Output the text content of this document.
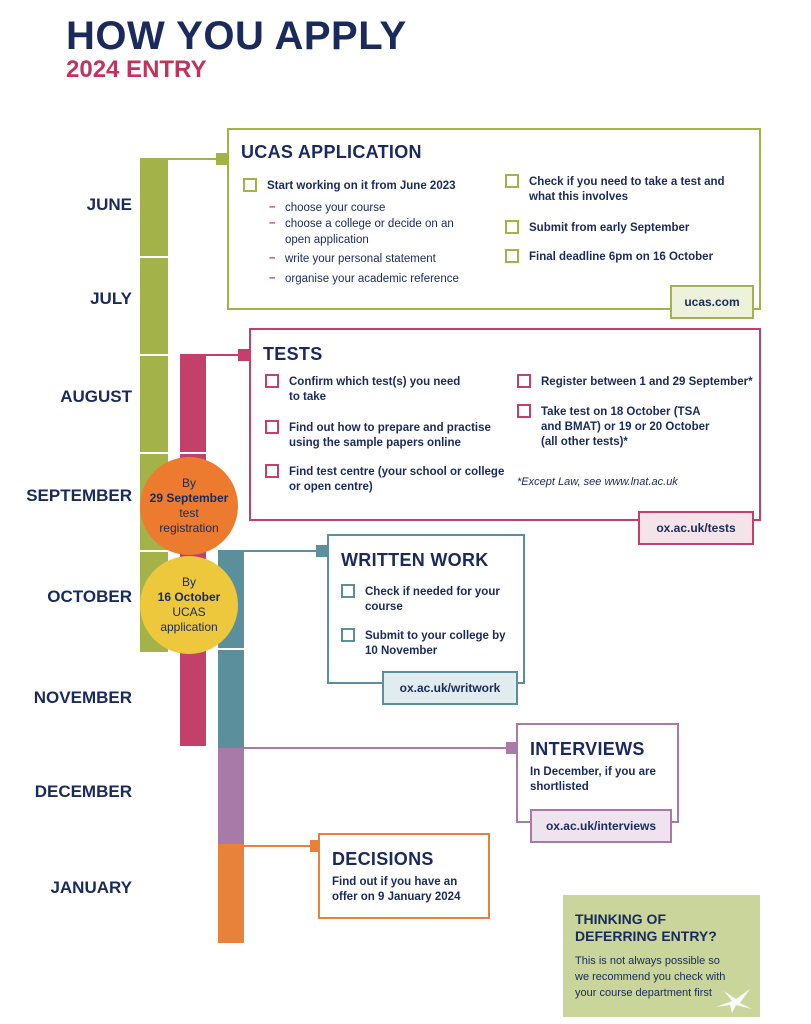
HOW YOU APPLY
2024 ENTRY
JUNE
JULY
AUGUST
SEPTEMBER
OCTOBER
NOVEMBER
DECEMBER
JANUARY
By
29 September
test
registration
By
16 October
UCAS
application
UCAS APPLICATION
Start working on it from June 2023
– choose your course
– choose a college or decide on an
open application
– write your personal statement
– organise your academic reference
Check if you need to take a test and
what this involves
Submit from early September
Final deadline 6pm on 16 October
ucas.com
TESTS
Confirm which test(s) you need
to take
Find out how to prepare and practise
using the sample papers online
Find test centre (your school or college
or open centre)
Register between 1 and 29 September*
Take test on 18 October (TSA
and BMAT) or 19 or 20 October
(all other tests)*
*Except Law, see www.lnat.ac.uk
ox.ac.uk/tests
WRITTEN WORK
Check if needed for your
course
Submit to your college by
10 November
ox.ac.uk/writwork
INTERVIEWS
In December, if you are
shortlisted
ox.ac.uk/interviews
DECISIONS
Find out if you have an
offer on 9 January 2024
THINKING OF
DEFERRING ENTRY?
This is not always possible so
we recommend you check with
your course department first
